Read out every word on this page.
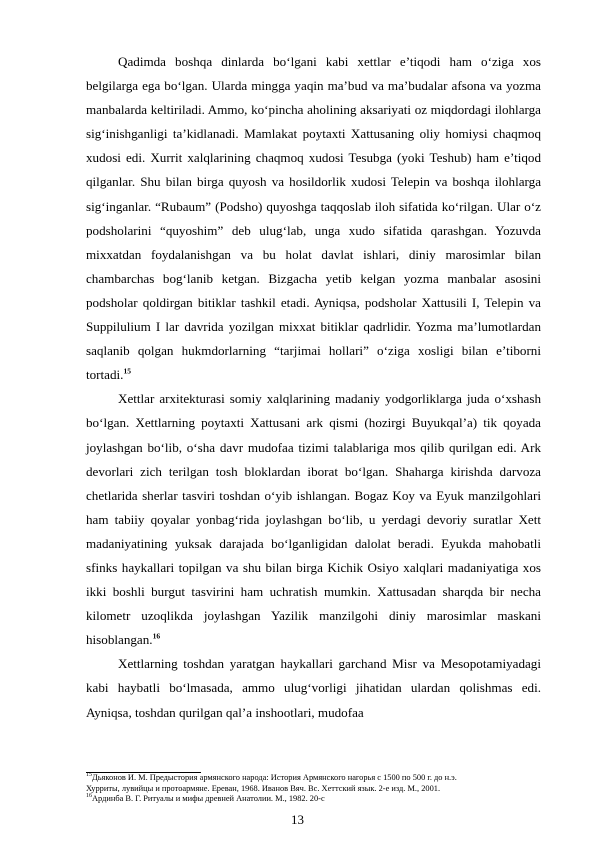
Qadimda boshqa dinlarda bo‘lgani kabi xettlar e’tiqodi ham o‘ziga xos belgilarga ega bo‘lgan. Ularda mingga yaqin ma’bud va ma’budalar afsona va yozma manbalarda keltiriladi. Ammo, ko‘pincha aholining aksariyati oz miqdordagi ilohlarga sig‘inishganligi ta’kidlanadi. Mamlakat poytaxti Xattusaning oliy homiysi chaqmoq xudosi edi. Xurrit xalqlarining chaqmoq xudosi Tesubga (yoki Teshub) ham e’tiqod qilganlar. Shu bilan birga quyosh va hosildorlik xudosi Telepin va boshqa ilohlarga sig‘inganlar. “Rubaum” (Podsho) quyoshga taqqoslab iloh sifatida ko‘rilgan. Ular o‘z podsholarini “quyoshim” deb ulug‘lab, unga xudo sifatida qarashgan. Yozuvda mixxatdan foydalanishgan va bu holat davlat ishlari, diniy marosimlar bilan chambarchas bog‘lanib ketgan. Bizgacha yetib kelgan yozma manbalar asosini podsholar qoldirgan bitiklar tashkil etadi. Ayniqsa, podsholar Xattusili I, Telepin va Suppilulium I lar davrida yozilgan mixxat bitiklar qadrlidir. Yozma ma’lumotlardan saqlanib qolgan hukmdorlarning “tarjimai hollari” o‘ziga xosligi bilan e’tiborni tortadi.$^{15}$

Xettlar arxitekturasi somiy xalqlarining madaniy yodgorliklarga juda o‘xshash bo‘lgan. Xettlarning poytaxti Xattusani ark qismi (hozirgi Buyukqal’a) tik qoyada joylashgan bo‘lib, o‘sha davr mudofaa tizimi talablariga mos qilib qurilgan edi. Ark devorlari zich terilgan tosh bloklardan iborat bo‘lgan. Shaharga kirishda darvoza chetlarida sherlar tasviri toshdan o‘yib ishlangan. Bogaz Koy va Eyuk manzilgohlari ham tabiiy qoyalar yonbag‘rida joylashgan bo‘lib, u yerdagi devoriy suratlar Xett madaniyatining yuksak darajada bo‘lganligidan dalolat beradi. Eyukda mahobatli sfinks haykallari topilgan va shu bilan birga Kichik Osiyo xalqlari madaniyatiga xos ikki boshli burgut tasvirini ham uchratish mumkin. Xattusadan sharqda bir necha kilometr uzoqlikda joylashgan Yazilik manzilgohi diniy marosimlar maskani hisoblangan.$^{16}$

Xettlarning toshdan yaratgan haykallari garchand Misr va Mesopotamiyadagi kabi haybatli bo‘lmasada, ammo ulug‘vorligi jihatidan ulardan qolishmas edi. Ayniqsa, toshdan qurilgan qal’a inshootlari, mudofaa

$^{15}$Дьяконов И. М. Предыстория армянского народа: История Армянского нагорья с 1500 по 500 г. до н.э.

Хурриты, лувийцы и протоармяне. Ереван, 1968. Иванов Вяч. Вс. Хеттский язык. 2-е изд. М., 2001.

$^{16}$Ардинба В. Г. Ритуалы и мифы древней Анатолии. М., 1982. 20-с

13
